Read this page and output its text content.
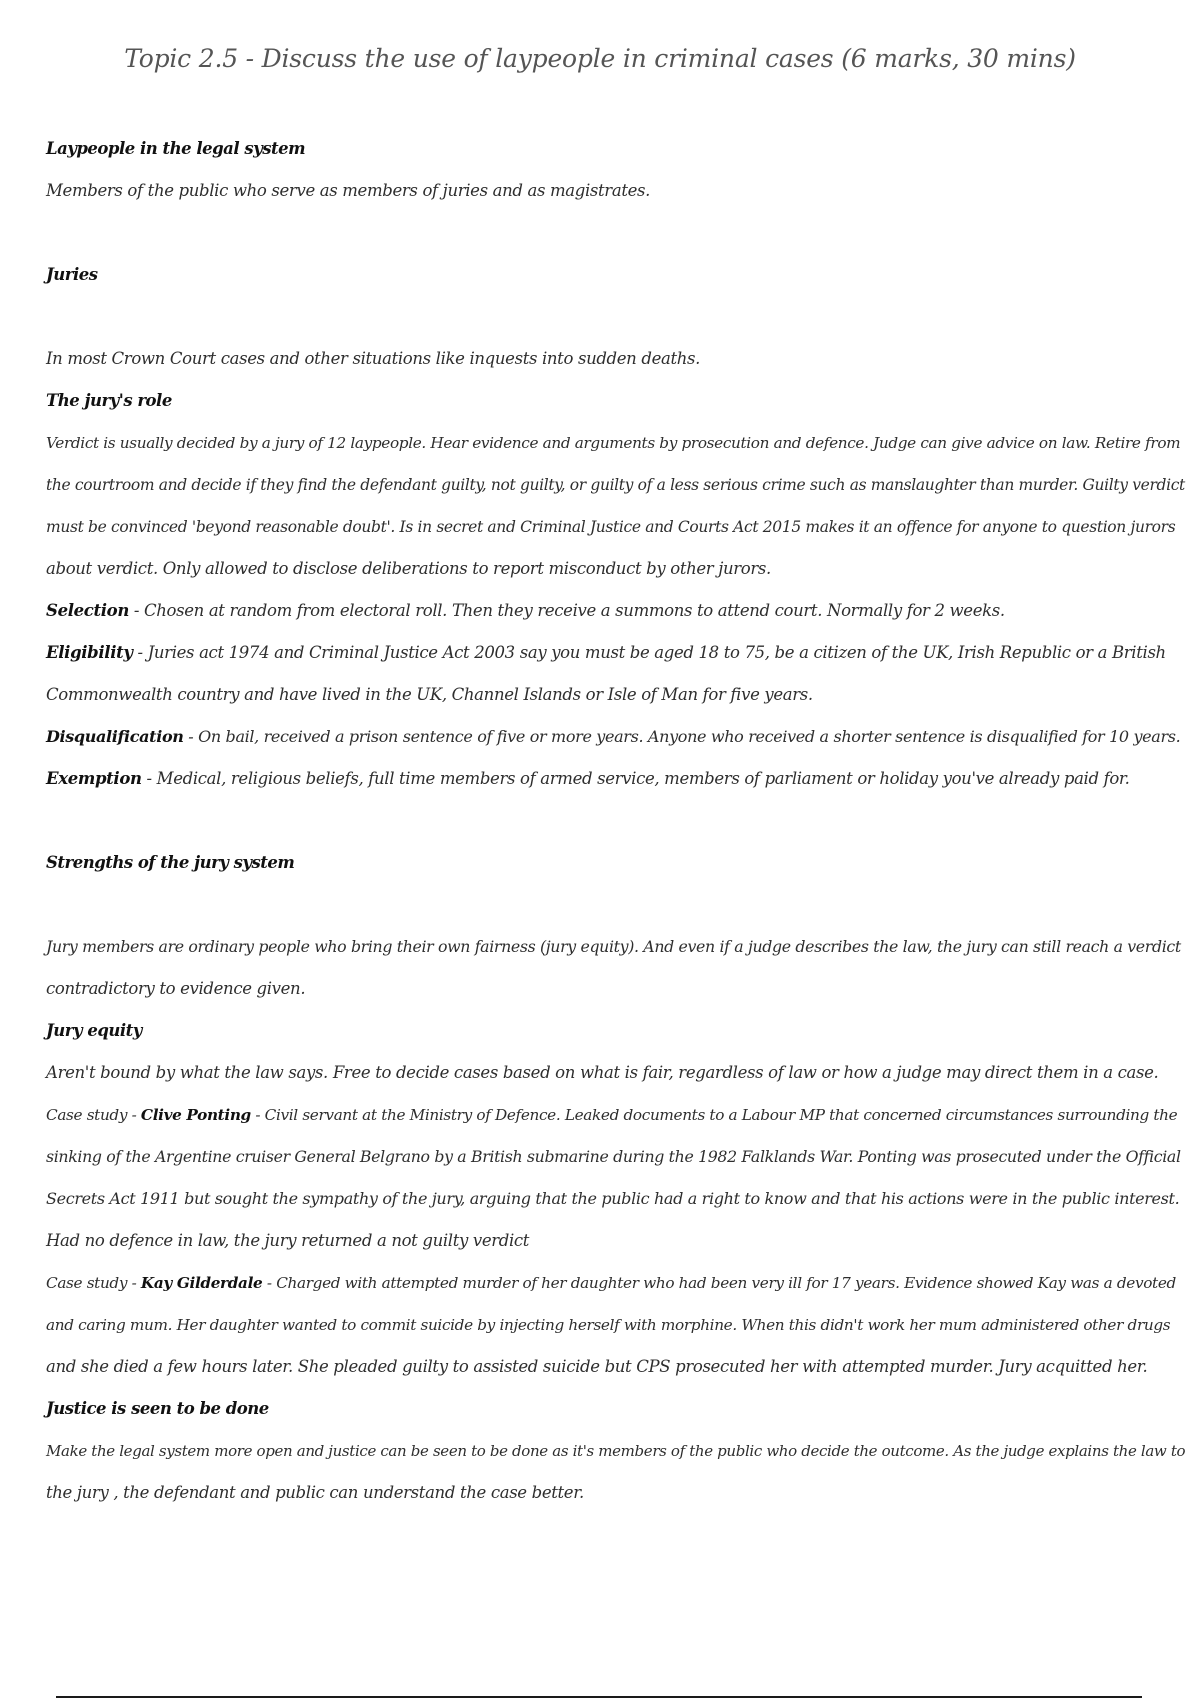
Topic 2.5 - Discuss the use of laypeople in criminal cases (6 marks, 30 mins)
Laypeople in the legal system
Members of the public who serve as members of juries and as magistrates.
Juries
In most Crown Court cases and other situations like inquests into sudden deaths.
The jury's role
Verdict is usually decided by a jury of 12 laypeople. Hear evidence and arguments by prosecution and defence. Judge can give advice on law. Retire from
the courtroom and decide if they find the defendant guilty, not guilty, or guilty of a less serious crime such as manslaughter than murder. Guilty verdict
must be convinced 'beyond reasonable doubt'. Is in secret and Criminal Justice and Courts Act 2015 makes it an offence for anyone to question jurors
about verdict. Only allowed to disclose deliberations to report misconduct by other jurors.
Selection - Chosen at random from electoral roll. Then they receive a summons to attend court. Normally for 2 weeks.
Eligibility - Juries act 1974 and Criminal Justice Act 2003 say you must be aged 18 to 75, be a citizen of the UK, Irish Republic or a British
Commonwealth country and have lived in the UK, Channel Islands or Isle of Man for five years.
Disqualification - On bail, received a prison sentence of five or more years. Anyone who received a shorter sentence is disqualified for 10 years.
Exemption - Medical, religious beliefs, full time members of armed service, members of parliament or holiday you've already paid for.
Strengths of the jury system
Jury members are ordinary people who bring their own fairness (jury equity). And even if a judge describes the law, the jury can still reach a verdict
contradictory to evidence given.
Jury equity
Aren't bound by what the law says. Free to decide cases based on what is fair, regardless of law or how a judge may direct them in a case.
Case study - Clive Ponting - Civil servant at the Ministry of Defence. Leaked documents to a Labour MP that concerned circumstances surrounding the
sinking of the Argentine cruiser General Belgrano by a British submarine during the 1982 Falklands War. Ponting was prosecuted under the Official
Secrets Act 1911 but sought the sympathy of the jury, arguing that the public had a right to know and that his actions were in the public interest.
Had no defence in law, the jury returned a not guilty verdict
Case study - Kay Gilderdale - Charged with attempted murder of her daughter who had been very ill for 17 years. Evidence showed Kay was a devoted
and caring mum. Her daughter wanted to commit suicide by injecting herself with morphine. When this didn't work her mum administered other drugs
and she died a few hours later. She pleaded guilty to assisted suicide but CPS prosecuted her with attempted murder. Jury acquitted her.
Justice is seen to be done
Make the legal system more open and justice can be seen to be done as it's members of the public who decide the outcome. As the judge explains the law to
the jury , the defendant and public can understand the case better.
